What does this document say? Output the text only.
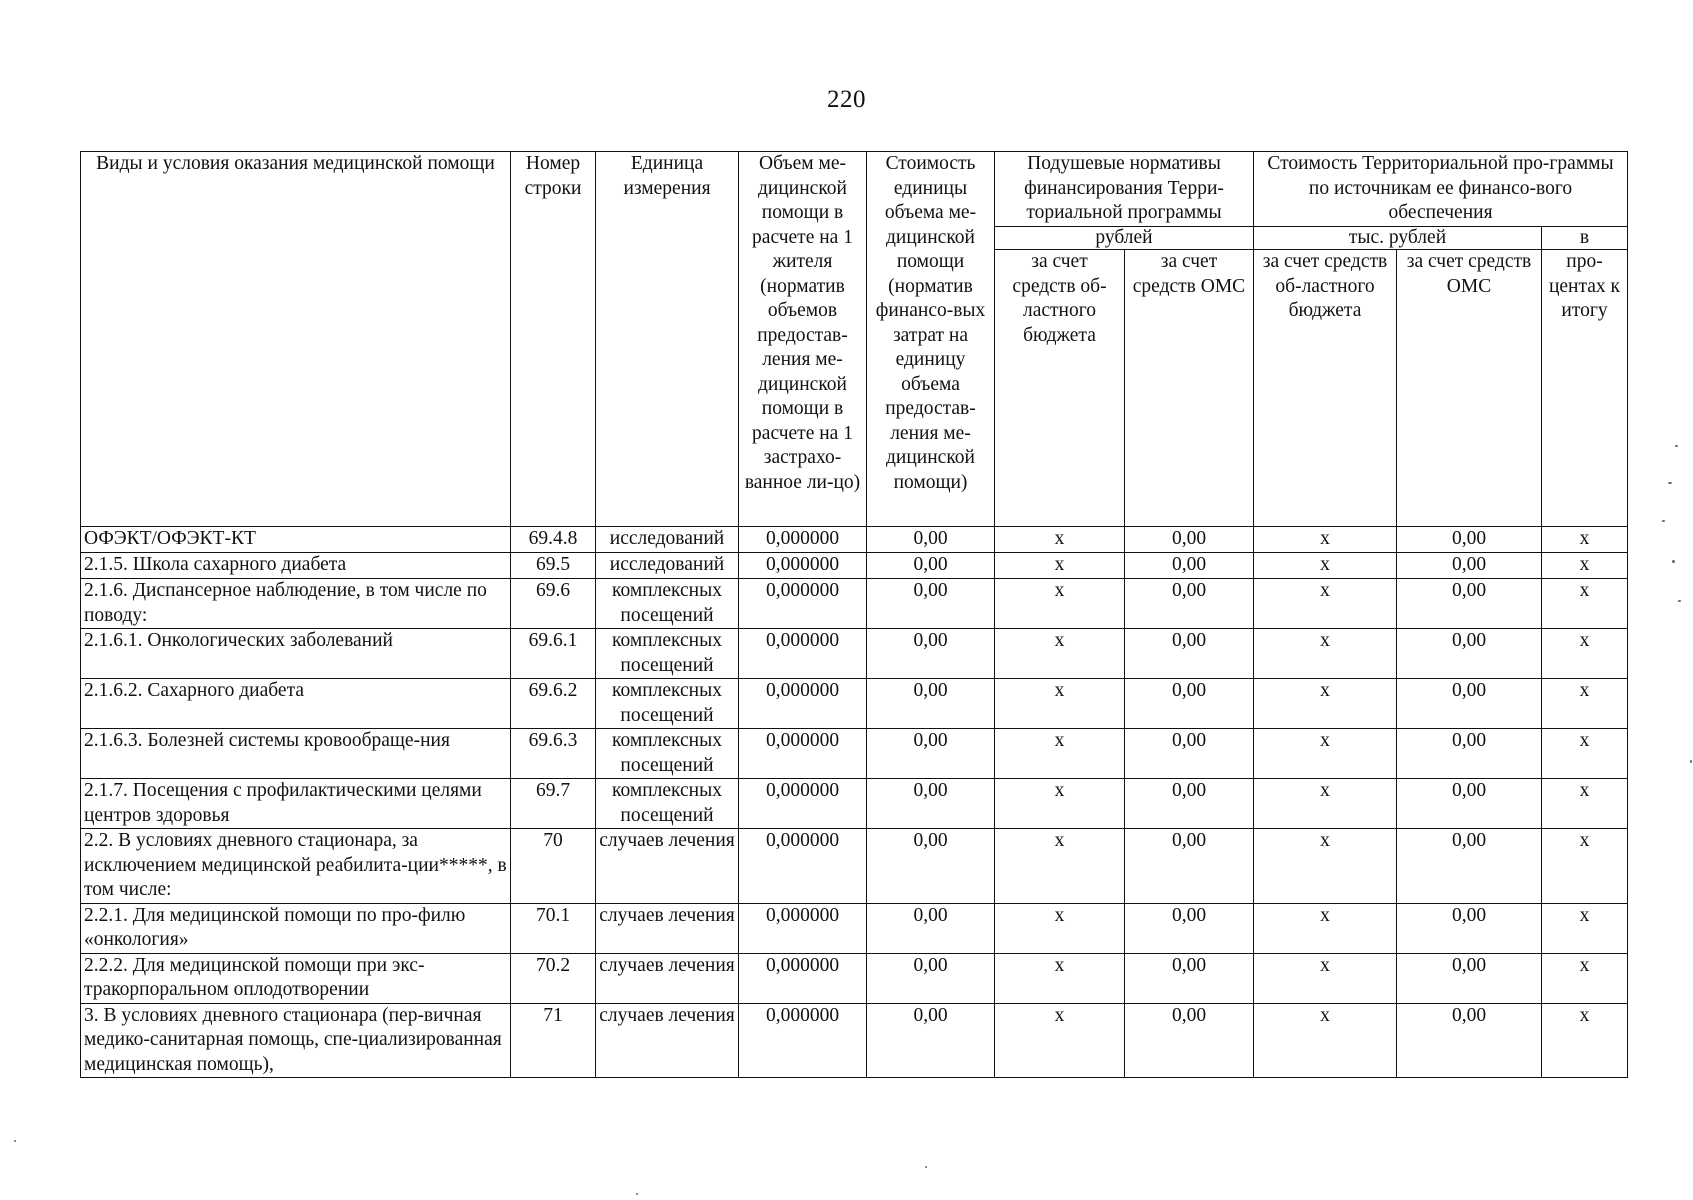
220
Виды и условия оказания медицинской помощи	Номер строки	Единица измерения	Объем ме-дицинской помощи в расчете на 1 жителя (норматив объемов предостав-ления ме-дицинской помощи в расчете на 1 застрахо-ванное ли-цо)	Стоимость единицы объема ме-дицинской помощи (норматив финансо-вых затрат на единицу объема предостав-ления ме-дицинской помощи)	Подушевые нормативы финансирования Терри-ториальной программы		Стоимость Территориальной про-граммы по источникам ее финансо-вого обеспечения		
					рублей		тыс. рублей		в
					за счет средств об-ластного бюджета	за счет средств ОМС	за счет средств об-ластного бюджета	за счет средств ОМС	про-центах к итогу
ОФЭКТ/ОФЭКТ-КТ	69.4.8	исследований	0,000000	0,00	x	0,00	x	0,00	x
2.1.5. Школа сахарного диабета	69.5	исследований	0,000000	0,00	x	0,00	x	0,00	x
2.1.6. Диспансерное наблюдение, в том числе по поводу:	69.6	комплексных посещений	0,000000	0,00	x	0,00	x	0,00	x
2.1.6.1. Онкологических заболеваний	69.6.1	комплексных посещений	0,000000	0,00	x	0,00	x	0,00	x
2.1.6.2. Сахарного диабета	69.6.2	комплексных посещений	0,000000	0,00	x	0,00	x	0,00	x
2.1.6.3. Болезней системы кровообраще-ния	69.6.3	комплексных посещений	0,000000	0,00	x	0,00	x	0,00	x
2.1.7. Посещения с профилактическими целями центров здоровья	69.7	комплексных посещений	0,000000	0,00	x	0,00	x	0,00	x
2.2. В условиях дневного стационара, за исключением медицинской реабилита-ции*****, в том числе:	70	случаев лечения	0,000000	0,00	x	0,00	x	0,00	x
2.2.1. Для медицинской помощи по про-филю «онкология»	70.1	случаев лечения	0,000000	0,00	x	0,00	x	0,00	x
2.2.2. Для медицинской помощи при экс-тракорпоральном оплодотворении	70.2	случаев лечения	0,000000	0,00	x	0,00	x	0,00	x
3. В условиях дневного стационара (пер-вичная медико-санитарная помощь, спе-циализированная медицинская помощь),	71	случаев лечения	0,000000	0,00	x	0,00	x	0,00	x
